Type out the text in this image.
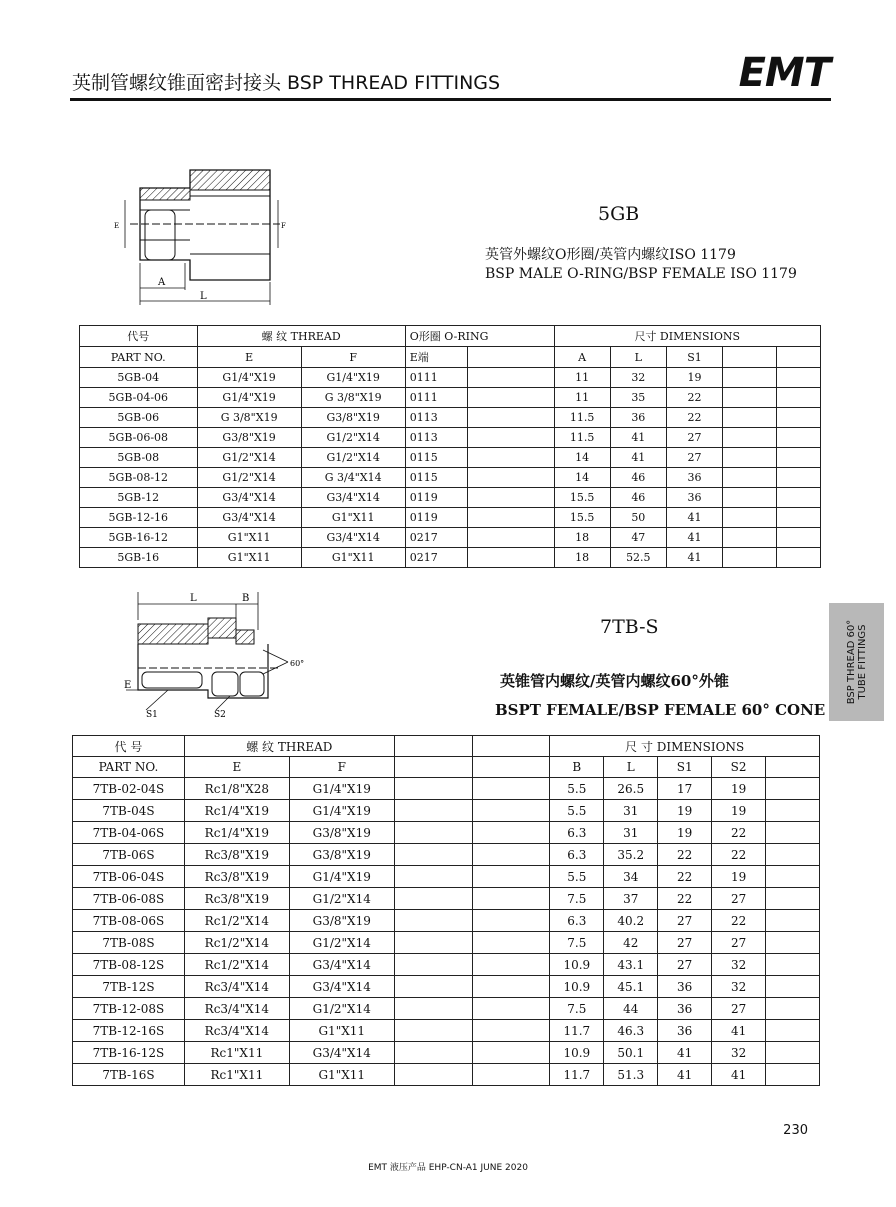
英制管螺纹锥面密封接头 BSP THREAD FITTINGS	EMT
A
L
E	F
5GB
英管外螺纹O形圈/英管内螺纹ISO 1179
BSP MALE O-RING/BSP FEMALE ISO 1179
代号	螺 纹 THREAD		O形圈 O-RING		尺寸 DIMENSIONS				
PART NO.	E	F	E端		A	L	S1		
5GB-04	G1/4"X19	G1/4"X19	0111		11	32	19		
5GB-04-06	G1/4"X19	G 3/8"X19	0111		11	35	22		
5GB-06	G 3/8"X19	G3/8"X19	0113		11.5	36	22		
5GB-06-08	G3/8"X19	G1/2"X14	0113		11.5	41	27		
5GB-08	G1/2"X14	G1/2"X14	0115		14	41	27		
5GB-08-12	G1/2"X14	G 3/4"X14	0115		14	46	36		
5GB-12	G3/4"X14	G3/4"X14	0119		15.5	46	36		
5GB-12-16	G3/4"X14	G1"X11	0119		15.5	50	41		
5GB-16-12	G1"X11	G3/4"X14	0217		18	47	41		
5GB-16	G1"X11	G1"X11	0217		18	52.5	41		
L	B
E
S1	S2
60°
7TB-S
英锥管内螺纹/英管内螺纹60°外锥
BSPT FEMALE/BSP FEMALE 60° CONE
代 号	螺 纹 THREAD				尺 寸 DIMENSIONS				
PART NO.	E	F			B	L	S1	S2	
7TB-02-04S	Rc1/8"X28	G1/4"X19			5.5	26.5	17	19	
7TB-04S	Rc1/4"X19	G1/4"X19			5.5	31	19	19	
7TB-04-06S	Rc1/4"X19	G3/8"X19			6.3	31	19	22	
7TB-06S	Rc3/8"X19	G3/8"X19			6.3	35.2	22	22	
7TB-06-04S	Rc3/8"X19	G1/4"X19			5.5	34	22	19	
7TB-06-08S	Rc3/8"X19	G1/2"X14			7.5	37	22	27	
7TB-08-06S	Rc1/2"X14	G3/8"X19			6.3	40.2	27	22	
7TB-08S	Rc1/2"X14	G1/2"X14			7.5	42	27	27	
7TB-08-12S	Rc1/2"X14	G3/4"X14			10.9	43.1	27	32	
7TB-12S	Rc3/4"X14	G3/4"X14			10.9	45.1	36	32	
7TB-12-08S	Rc3/4"X14	G1/2"X14			7.5	44	36	27	
7TB-12-16S	Rc3/4"X14	G1"X11			11.7	46.3	36	41	
7TB-16-12S	Rc1"X11	G3/4"X14			10.9	50.1	41	32	
7TB-16S	Rc1"X11	G1"X11			11.7	51.3	41	41	
BSP THREAD 60° TUBE FITTINGS
230
EMT 液压产品 EHP-CN-A1 JUNE 2020
